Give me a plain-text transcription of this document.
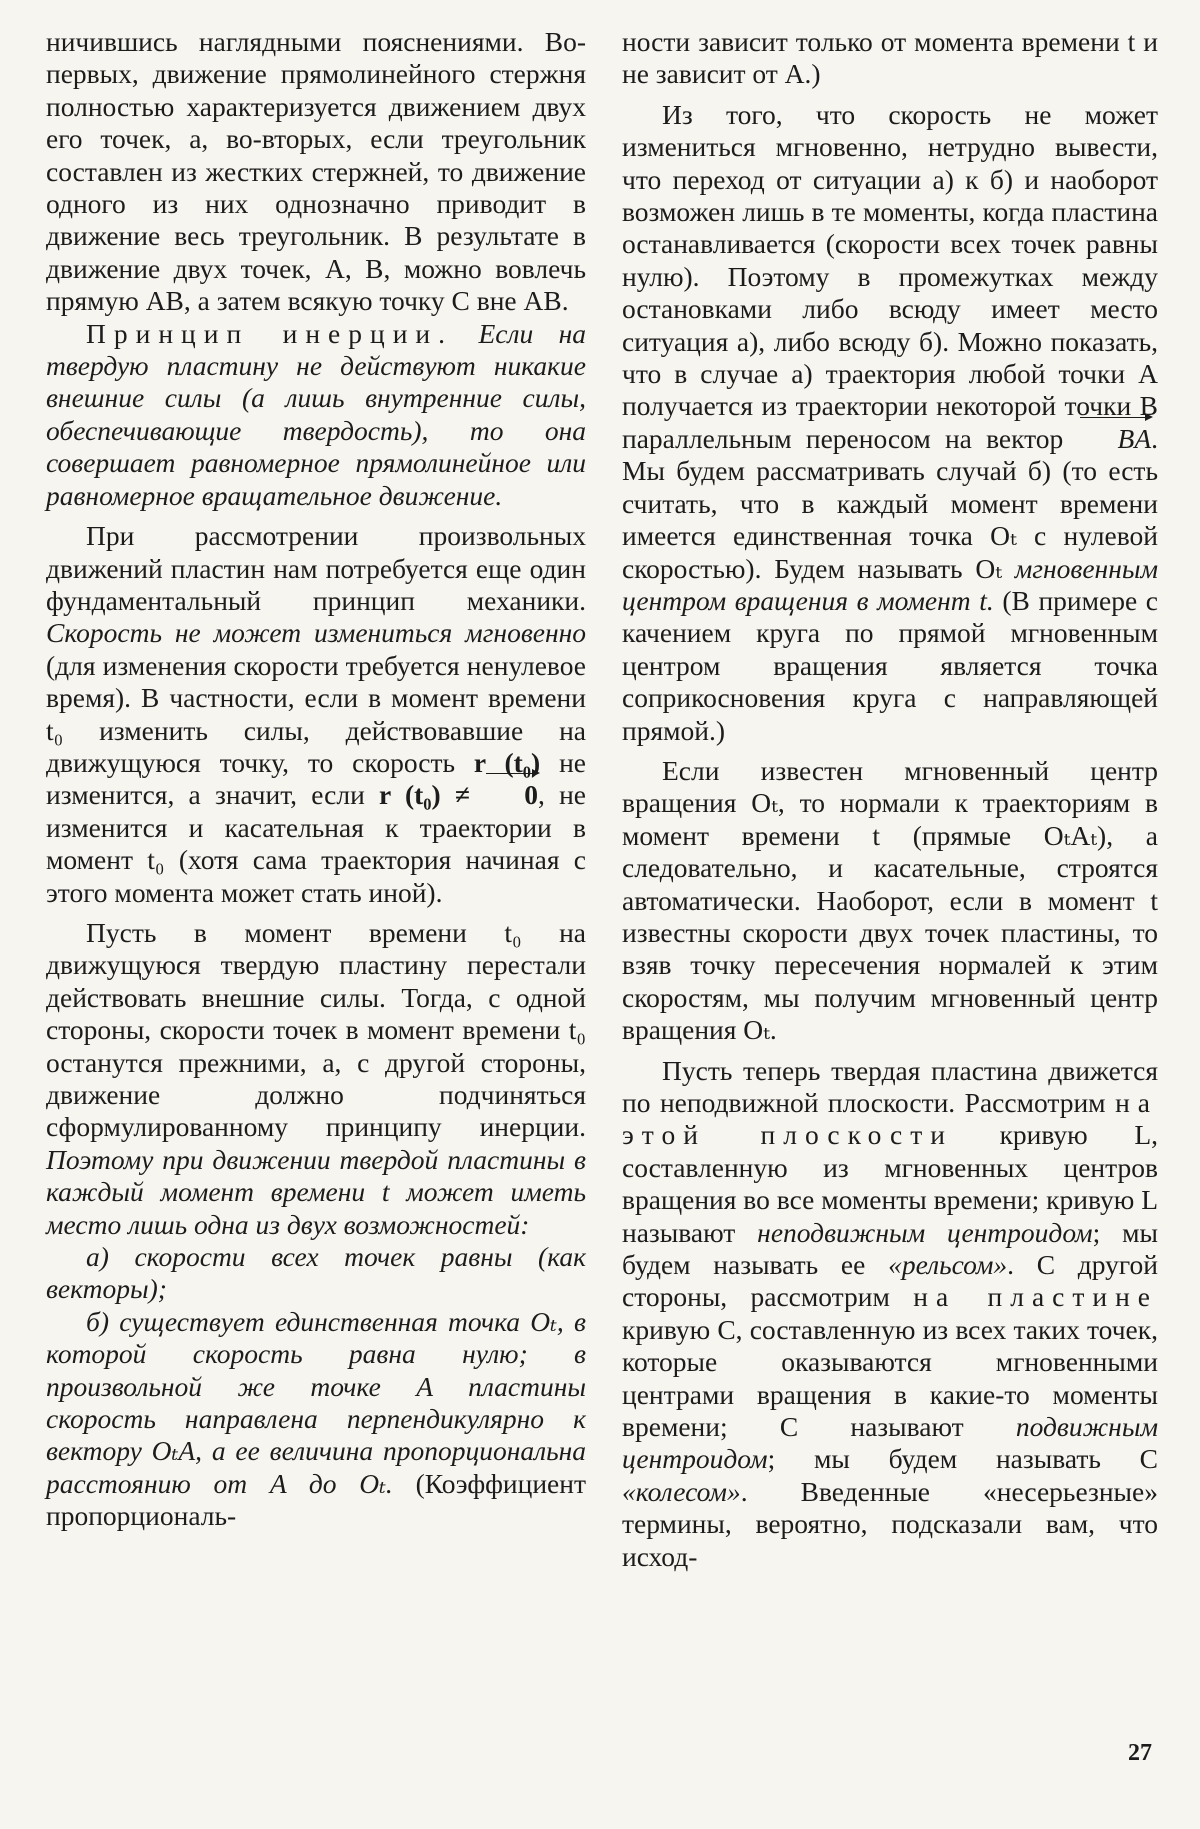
ничившись наглядными пояснениями. Во-первых, движение прямолинейного стержня полностью характеризуется движением двух его точек, а, во-вторых, если треугольник составлен из жестких стержней, то движение одного из них однозначно приводит в движение весь треугольник. В результате в движение двух точек, A, B, можно вовлечь прямую AB, а затем всякую точку C вне AB.

Принцип инерции. Если на твердую пластину не действуют никакие внешние силы (а лишь внутренние силы, обеспечивающие твердость), то она совершает равномерное прямолинейное или равномерное вращательное движение.

При рассмотрении произвольных движений пластин нам потребуется еще один фундаментальный принцип механики. Скорость не может измениться мгновенно (для изменения скорости требуется ненулевое время). В частности, если в момент времени t₀ изменить силы, действовавшие на движущуюся точку, то скорость r (t₀) не изменится, а значит, если r (t₀) ≠ 0, не изменится и касательная к траектории в момент t₀ (хотя сама траектория начиная с этого момента может стать иной).

Пусть в момент времени t₀ на движущуюся твердую пластину перестали действовать внешние силы. Тогда, с одной стороны, скорости точек в момент времени t₀ останутся прежними, а, с другой стороны, движение должно подчиняться сформулированному принципу инерции. Поэтому при движении твердой пластины в каждый момент времени t может иметь место лишь одна из двух возможностей:

а) скорости всех точек равны (как векторы);

б) существует единственная точка Oₜ, в которой скорость равна нулю; в произвольной же точке A пластины скорость направлена перпендикулярно к вектору OₜA, а ее величина пропорциональна расстоянию от A до Oₜ. (Коэффициент пропорциональ-

ности зависит только от момента времени t и не зависит от A.)

Из того, что скорость не может измениться мгновенно, нетрудно вывести, что переход от ситуации а) к б) и наоборот возможен лишь в те моменты, когда пластина останавливается (скорости всех точек равны нулю). Поэтому в промежутках между остановками либо всюду имеет место ситуация а), либо всюду б). Можно показать, что в случае а) траектория любой точки A получается из траектории некоторой точки B параллельным переносом на вектор BA. Мы будем рассматривать случай б) (то есть считать, что в каждый момент времени имеется единственная точка Oₜ с нулевой скоростью). Будем называть Oₜ мгновенным центром вращения в момент t. (В примере с качением круга по прямой мгновенным центром вращения является точка соприкосновения круга с направляющей прямой.)

Если известен мгновенный центр вращения Oₜ, то нормали к траекториям в момент времени t (прямые OₜAₜ), а следовательно, и касательные, строятся автоматически. Наоборот, если в момент t известны скорости двух точек пластины, то взяв точку пересечения нормалей к этим скоростям, мы получим мгновенный центр вращения Oₜ.

Пусть теперь твердая пластина движется по неподвижной плоскости. Рассмотрим на этой плоскости кривую L, составленную из мгновенных центров вращения во все моменты времени; кривую L называют неподвижным центроидом; мы будем называть ее «рельсом». С другой стороны, рассмотрим на пластине кривую C, составленную из всех таких точек, которые оказываются мгновенными центрами вращения в какие-то моменты времени; C называют подвижным центроидом; мы будем называть C «колесом». Введенные «несерьезные» термины, вероятно, подсказали вам, что исход-

27
